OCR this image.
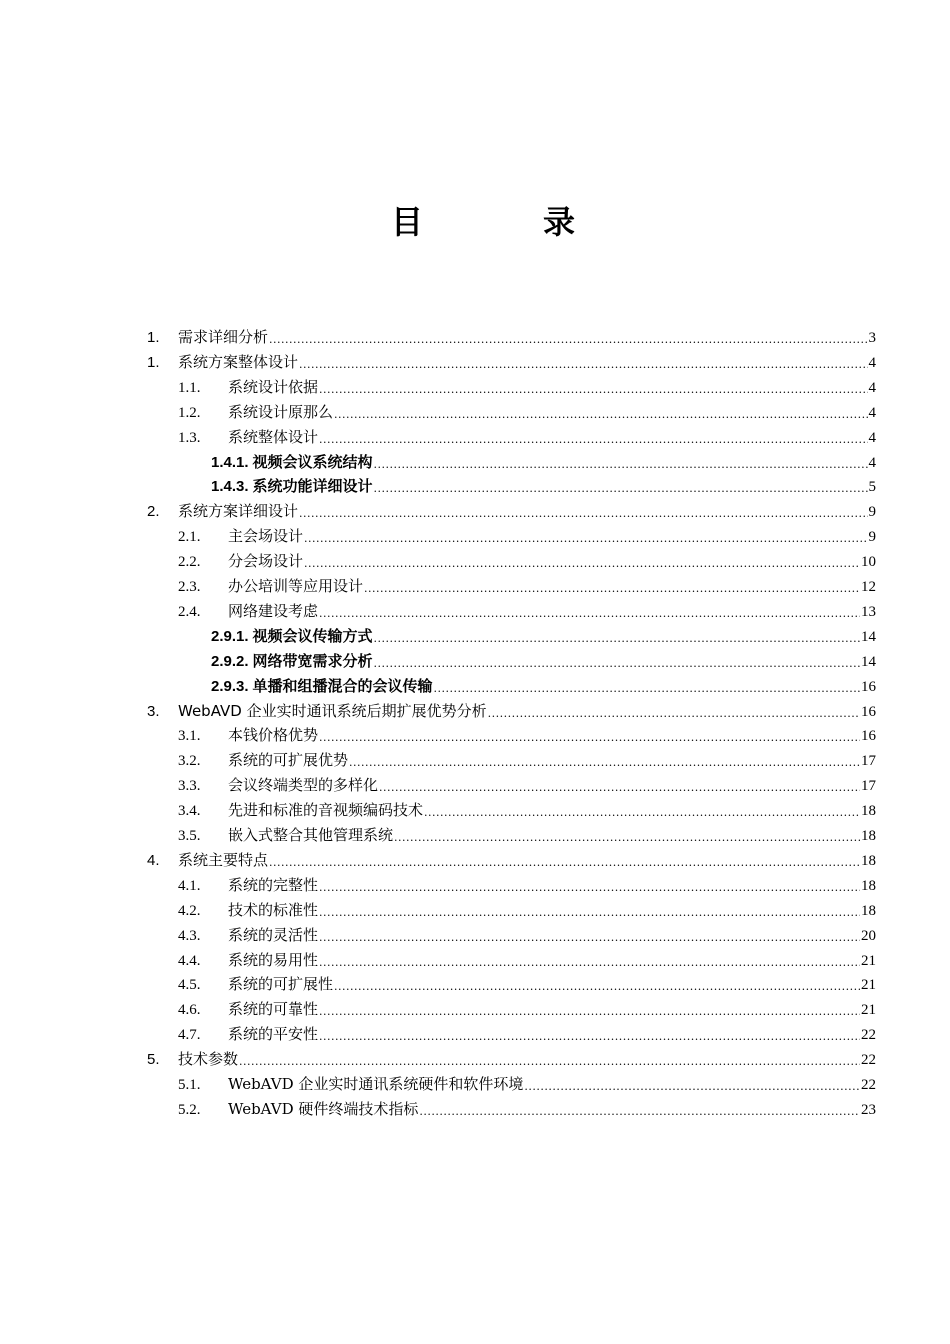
目　录
1.	需求详细分析 .....	3
1.	系统方案整体设计 .....	4
1.1.	系统设计依据 .....	4
1.2.	系统设计原那么 .....	4
1.3.	系统整体设计 .....	4
1.4.1. 视频会议系统结构 .....	4
1.4.3. 系统功能详细设计 .....	5
2.	系统方案详细设计 .....	9
2.1.	主会场设计 .....	9
2.2.	分会场设计 .....	10
2.3.	办公培训等应用设计 .....	12
2.4.	网络建设考虑 .....	13
2.9.1. 视频会议传输方式 .....	14
2.9.2. 网络带宽需求分析 .....	14
2.9.3. 单播和组播混合的会议传输 .....	16
3.	WebAVD 企业实时通讯系统后期扩展优势分析 .....	16
3.1.	本钱价格优势 .....	16
3.2.	系统的可扩展优势 .....	17
3.3.	会议终端类型的多样化 .....	17
3.4.	先进和标准的音视频编码技术 .....	18
3.5.	嵌入式整合其他管理系统 .....	18
4.	系统主要特点 .....	18
4.1.	系统的完整性 .....	18
4.2.	技术的标准性 .....	18
4.3.	系统的灵活性 .....	20
4.4.	系统的易用性 .....	21
4.5.	系统的可扩展性 .....	21
4.6.	系统的可靠性 .....	21
4.7.	系统的平安性 .....	22
5.	技术参数 .....	22
5.1.	WebAVD 企业实时通讯系统硬件和软件环境 .....	22
5.2.	WebAVD 硬件终端技术指标 .....	23
